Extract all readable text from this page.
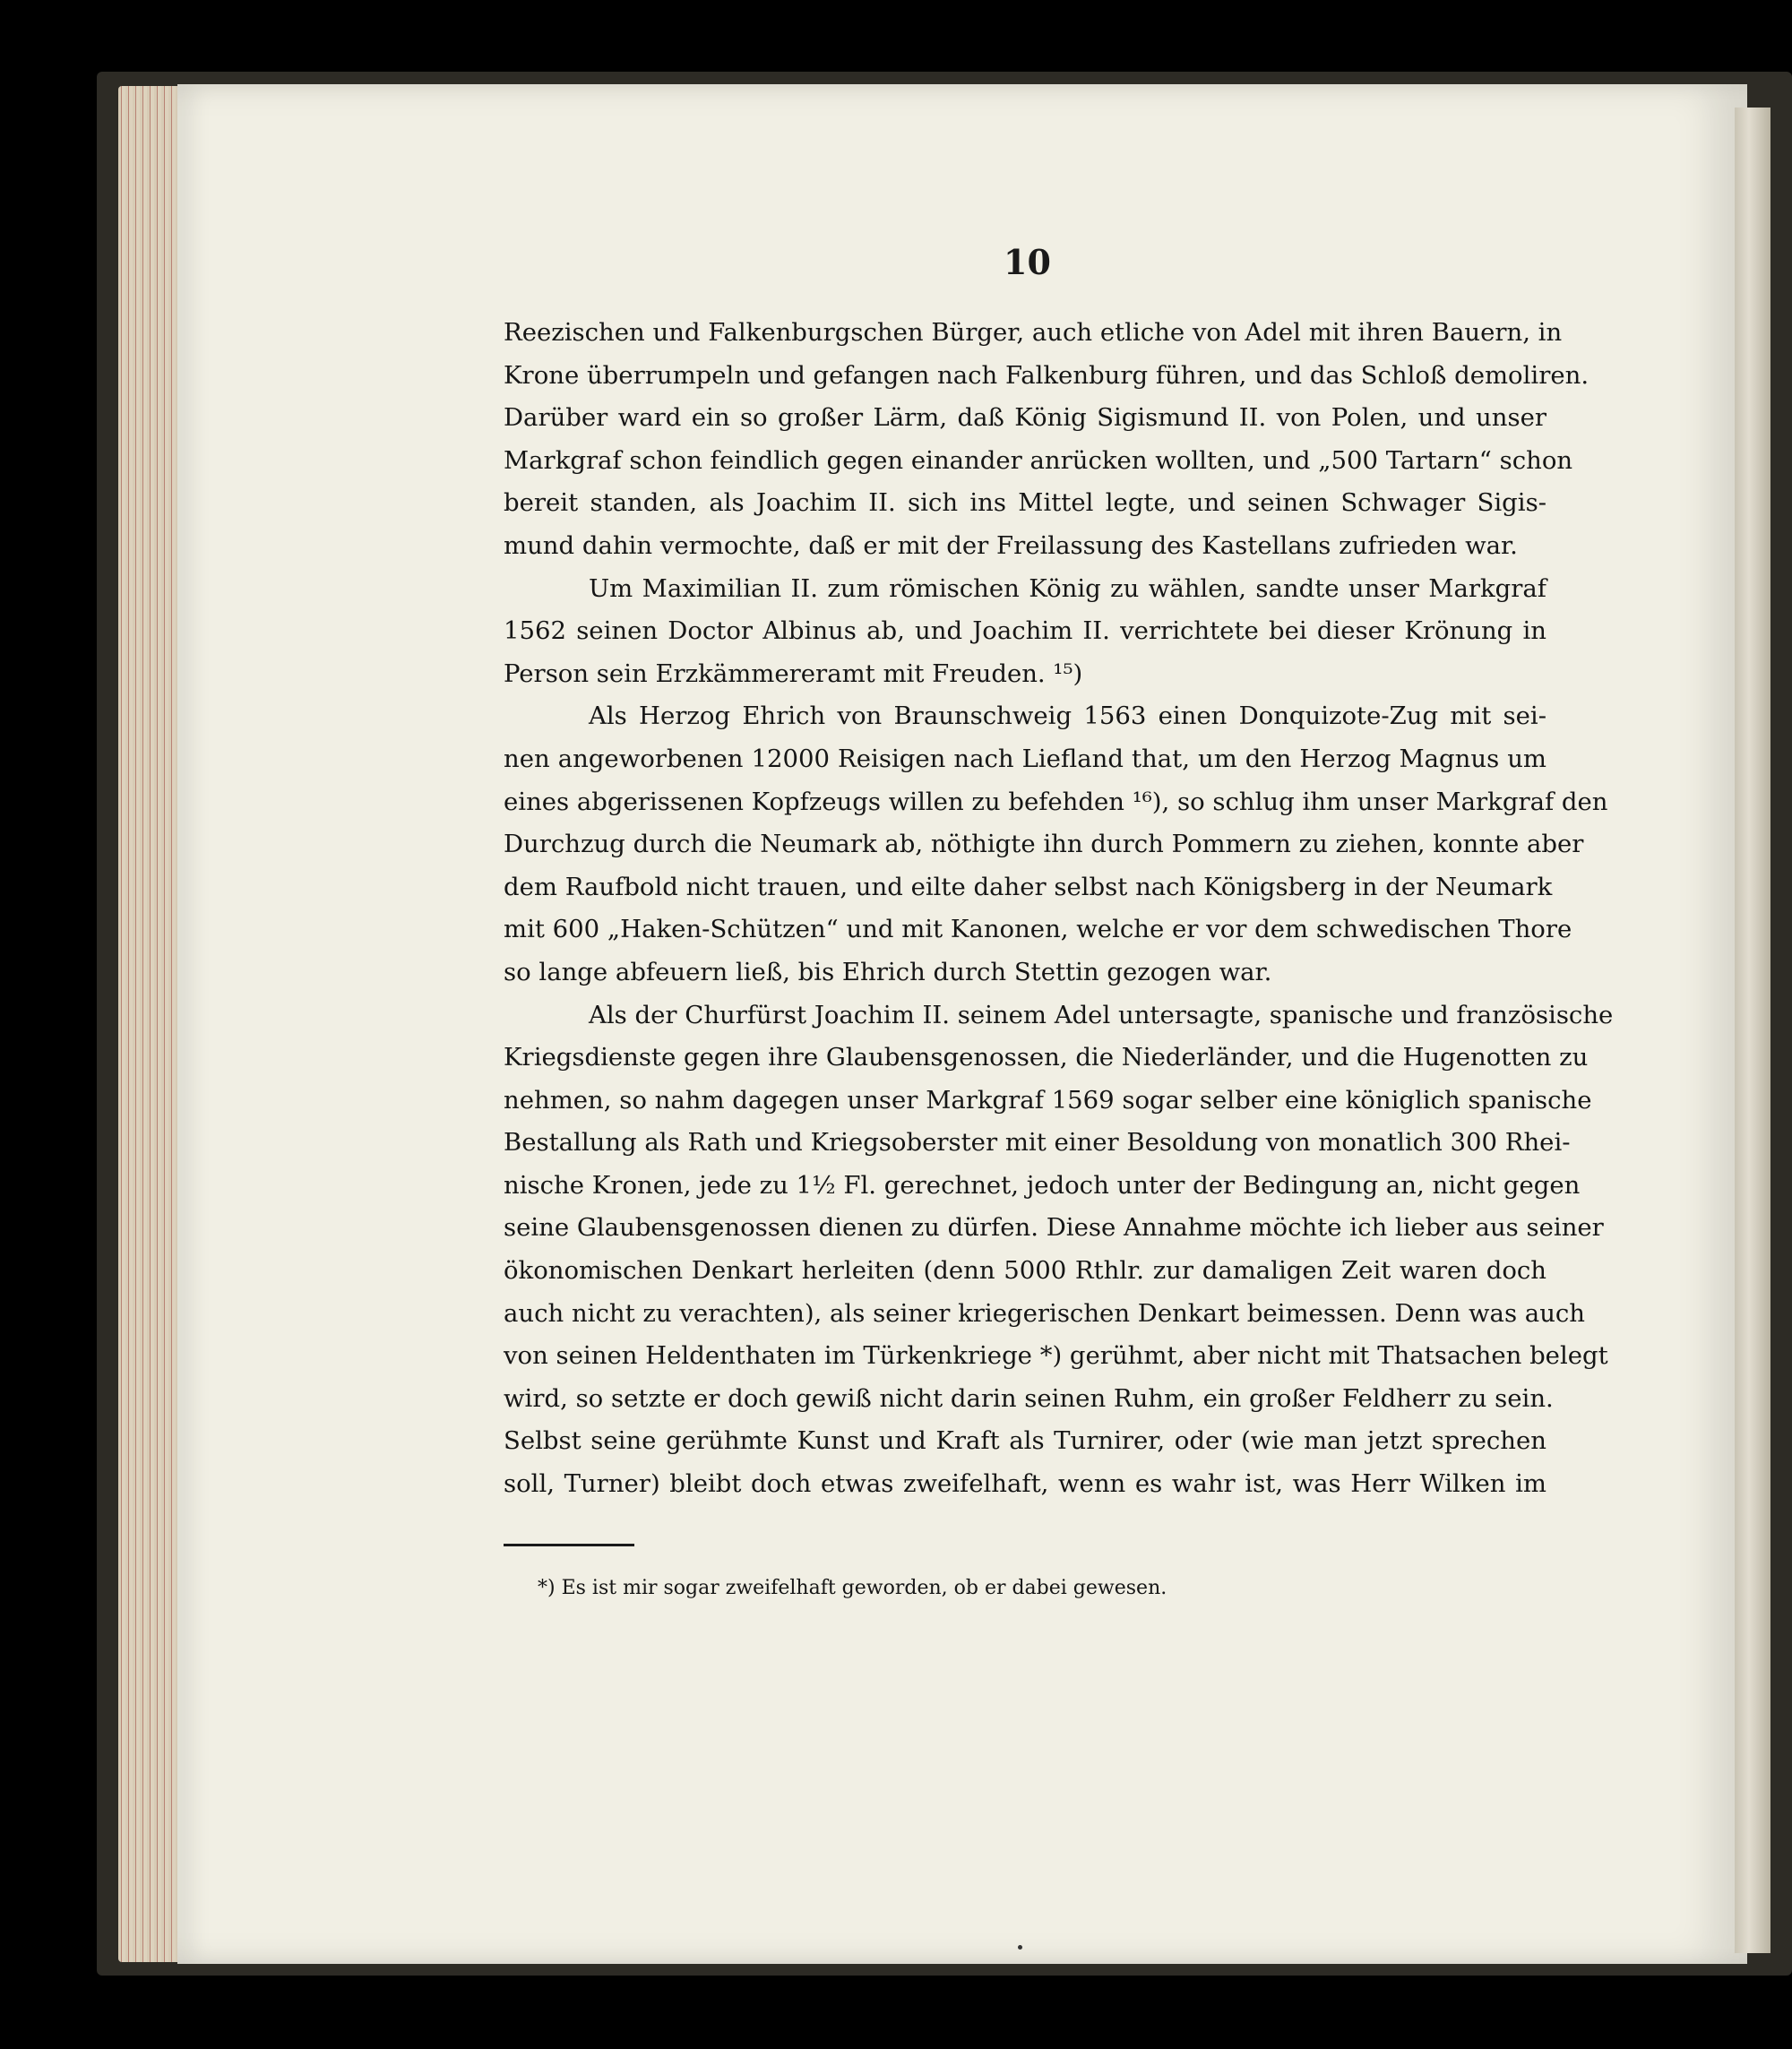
10
Reezischen und Falkenburgschen Bürger, auch etliche von Adel mit ihren Bauern, in
Krone überrumpeln und gefangen nach Falkenburg führen, und das Schloß demoliren.
Darüber ward ein so großer Lärm, daß König Sigismund II. von Polen, und unser
Markgraf schon feindlich gegen einander anrücken wollten, und „500 Tartarn“ schon
bereit standen, als Joachim II. sich ins Mittel legte, und seinen Schwager Sigis-
mund dahin vermochte, daß er mit der Freilassung des Kastellans zufrieden war.
Um Maximilian II. zum römischen König zu wählen, sandte unser Markgraf
1562 seinen Doctor Albinus ab, und Joachim II. verrichtete bei dieser Krönung in
Person sein Erzkämmereramt mit Freuden. ¹⁵)
Als Herzog Ehrich von Braunschweig 1563 einen Donquizote-Zug mit sei-
nen angeworbenen 12000 Reisigen nach Liefland that, um den Herzog Magnus um
eines abgerissenen Kopfzeugs willen zu befehden ¹⁶), so schlug ihm unser Markgraf den
Durchzug durch die Neumark ab, nöthigte ihn durch Pommern zu ziehen, konnte aber
dem Raufbold nicht trauen, und eilte daher selbst nach Königsberg in der Neumark
mit 600 „Haken-Schützen“ und mit Kanonen, welche er vor dem schwedischen Thore
so lange abfeuern ließ, bis Ehrich durch Stettin gezogen war.
Als der Churfürst Joachim II. seinem Adel untersagte, spanische und französische
Kriegsdienste gegen ihre Glaubensgenossen, die Niederländer, und die Hugenotten zu
nehmen, so nahm dagegen unser Markgraf 1569 sogar selber eine königlich spanische
Bestallung als Rath und Kriegsoberster mit einer Besoldung von monatlich 300 Rhei-
nische Kronen, jede zu 1½ Fl. gerechnet, jedoch unter der Bedingung an, nicht gegen
seine Glaubensgenossen dienen zu dürfen. Diese Annahme möchte ich lieber aus seiner
ökonomischen Denkart herleiten (denn 5000 Rthlr. zur damaligen Zeit waren doch
auch nicht zu verachten), als seiner kriegerischen Denkart beimessen. Denn was auch
von seinen Heldenthaten im Türkenkriege *) gerühmt, aber nicht mit Thatsachen belegt
wird, so setzte er doch gewiß nicht darin seinen Ruhm, ein großer Feldherr zu sein.
Selbst seine gerühmte Kunst und Kraft als Turnirer, oder (wie man jetzt sprechen
soll, Turner) bleibt doch etwas zweifelhaft, wenn es wahr ist, was Herr Wilken im
*) Es ist mir sogar zweifelhaft geworden, ob er dabei gewesen.
